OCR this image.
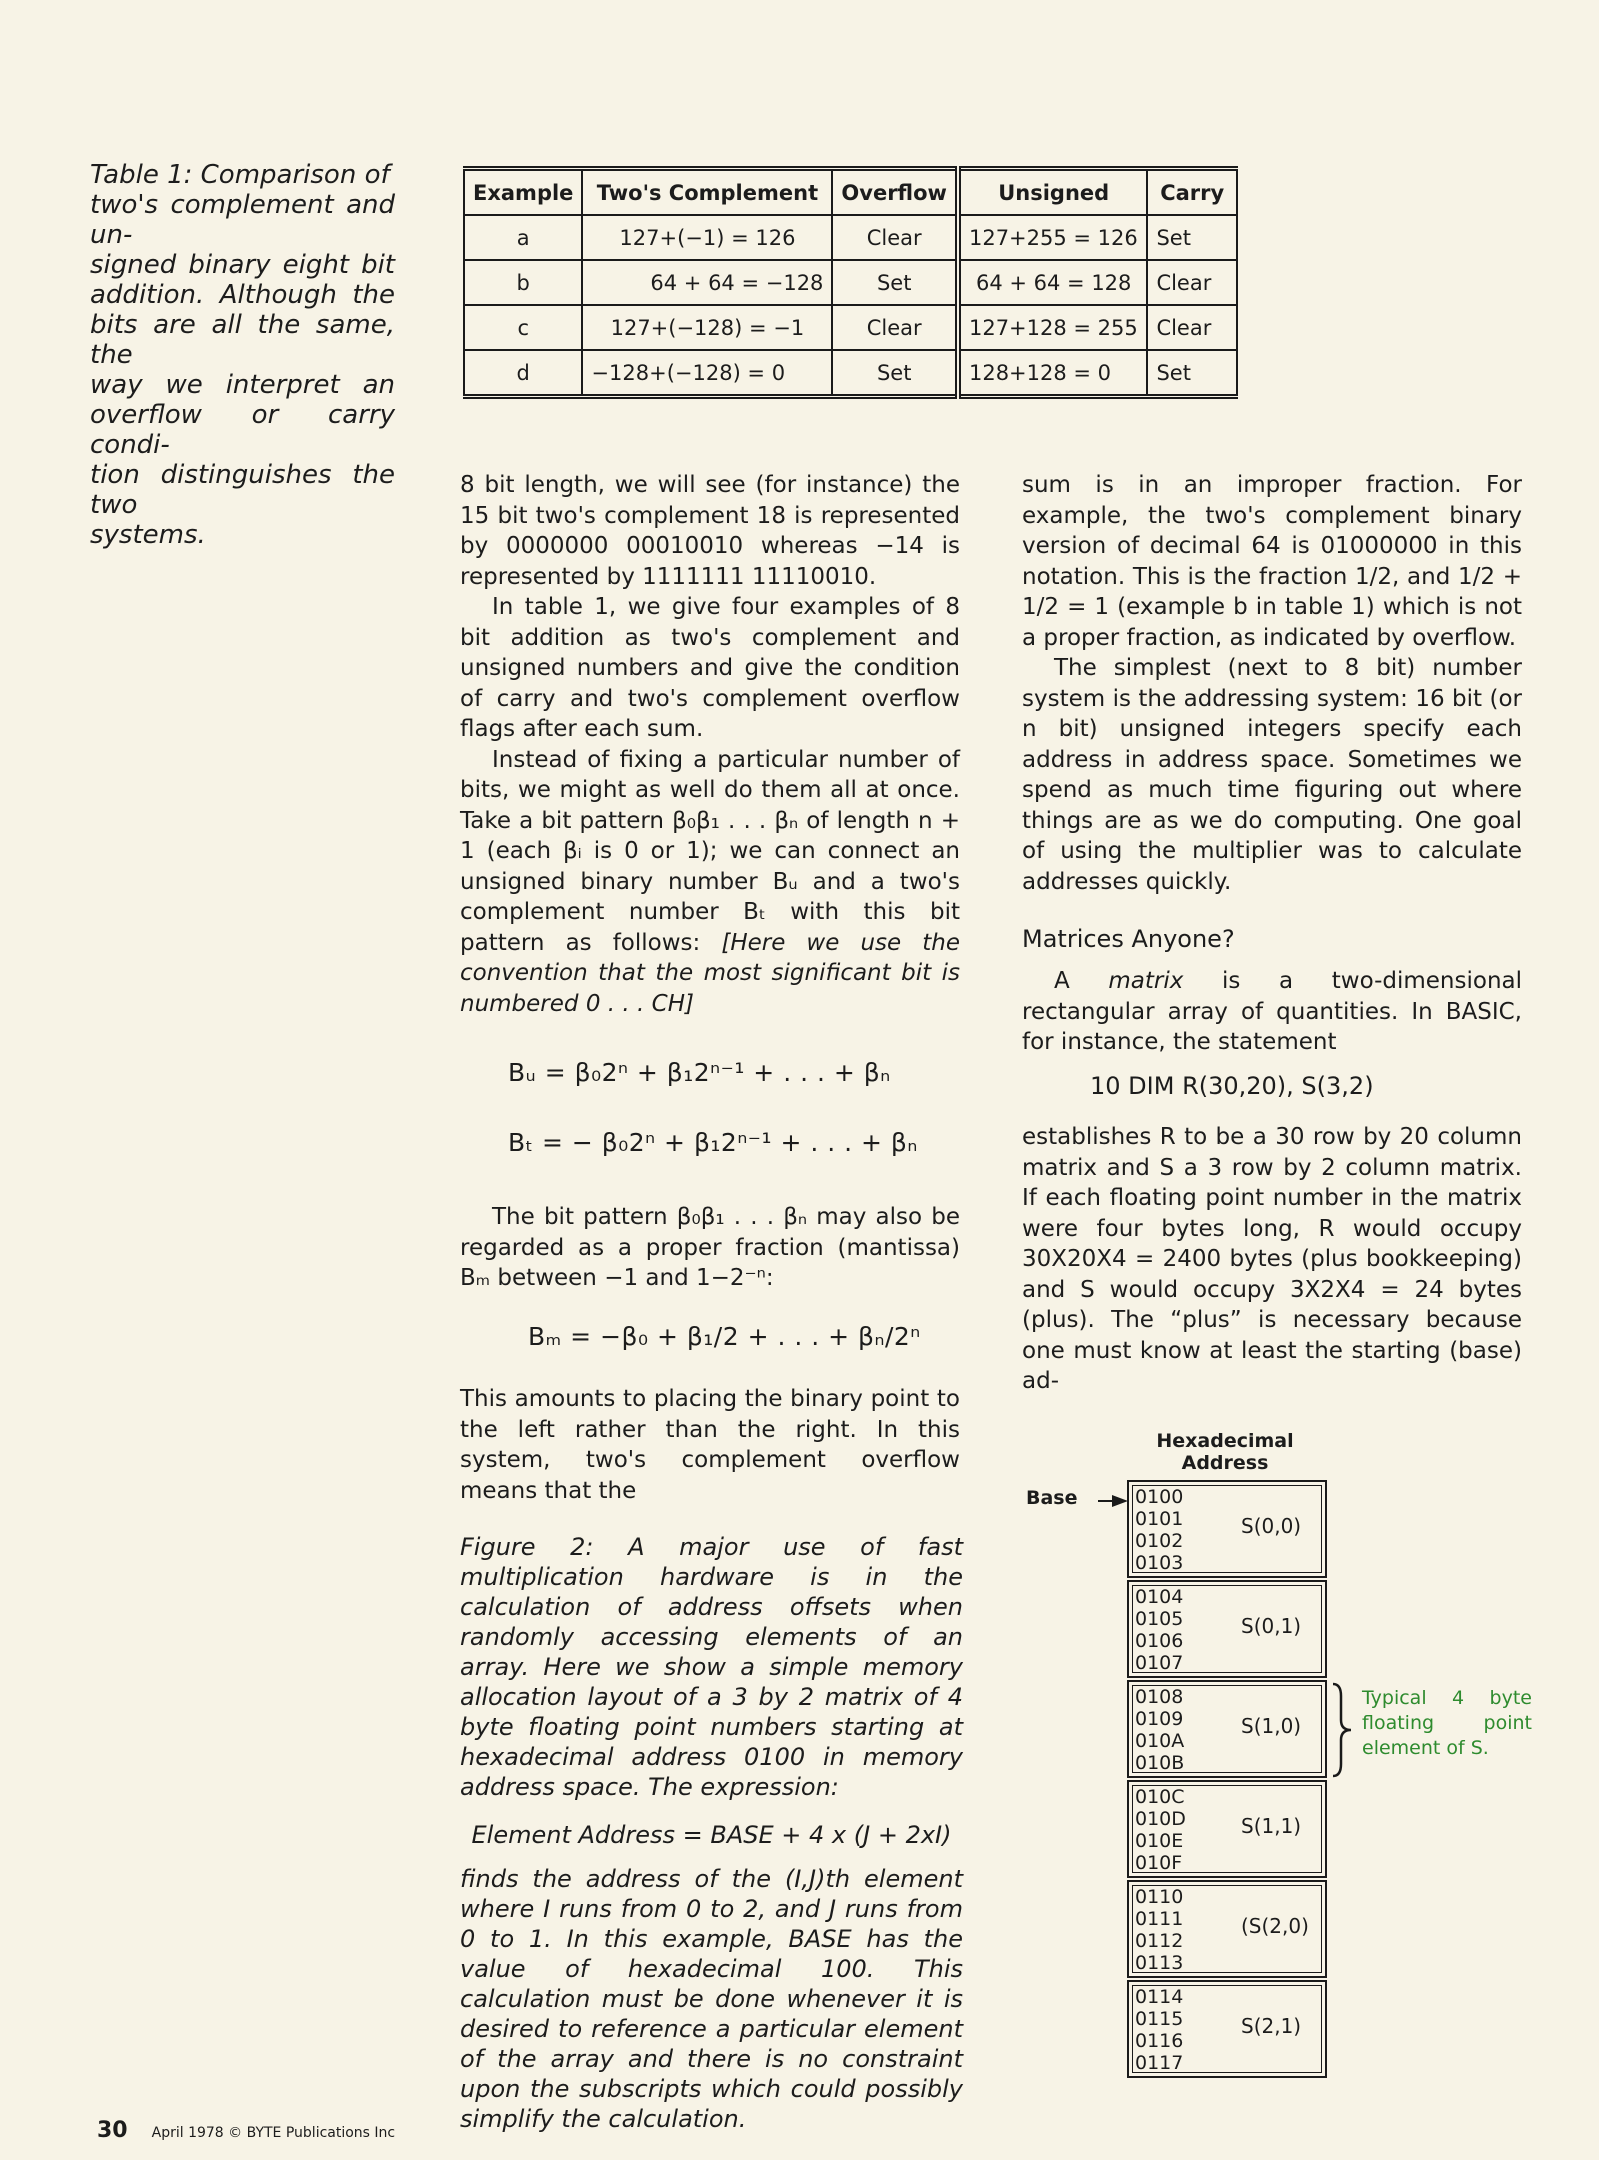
Table 1: Comparison of
two's complement and un-
signed binary eight bit
addition. Although the
bits are all the same, the
way we interpret an
overflow or carry condi-
tion distinguishes the two
systems.
Example	Two's Complement	Overflow	Unsigned	Carry
a	127+(−1) = 126	Clear	127+255 = 126	Set
b	64 + 64 = −128	Set	64 + 64 = 128	Clear
c	127+(−128) = −1	Clear	127+128 = 255	Clear
d	−128+(−128) = 0	Set	128+128 = 0	Set

8 bit length, we will see (for instance) the 15 bit two's complement 18 is represented by 0000000 00010010 whereas −14 is represented by 1111111 11110010.

In table 1, we give four examples of 8 bit addition as two's complement and unsigned numbers and give the condition of carry and two's complement overflow flags after each sum.

Instead of fixing a particular number of bits, we might as well do them all at once. Take a bit pattern β₀β₁ . . . βₙ of length n + 1 (each βᵢ is 0 or 1); we can connect an unsigned binary number Bᵤ and a two's complement number Bₜ with this bit pattern as follows: [Here we use the convention that the most significant bit is numbered 0 . . . CH]

Bᵤ = β₀2ⁿ + β₁2ⁿ⁻¹ + . . . + βₙ
Bₜ = − β₀2ⁿ + β₁2ⁿ⁻¹ + . . . + βₙ

The bit pattern β₀β₁ . . . βₙ may also be regarded as a proper fraction (mantissa) Bₘ between −1 and 1−2⁻ⁿ:

Bₘ = −β₀ + β₁/2 + . . . + βₙ/2ⁿ

This amounts to placing the binary point to the left rather than the right. In this system, two's complement overflow means that the

Figure 2: A major use of fast multiplication hardware is in the calculation of address offsets when randomly accessing elements of an array. Here we show a simple memory allocation layout of a 3 by 2 matrix of 4 byte floating point numbers starting at hexadecimal address 0100 in memory address space. The expression:

Element Address = BASE + 4 x (J + 2xI)

finds the address of the (I,J)th element where I runs from 0 to 2, and J runs from 0 to 1. In this example, BASE has the value of hexadecimal 100. This calculation must be done whenever it is desired to reference a particular element of the array and there is no constraint upon the subscripts which could possibly simplify the calculation.

sum is in an improper fraction. For example, the two's complement binary version of decimal 64 is 01000000 in this notation. This is the fraction 1/2, and 1/2 + 1/2 = 1 (example b in table 1) which is not a proper fraction, as indicated by overflow.

The simplest (next to 8 bit) number system is the addressing system: 16 bit (or n bit) unsigned integers specify each address in address space. Sometimes we spend as much time figuring out where things are as we do computing. One goal of using the multiplier was to calculate addresses quickly.

Matrices Anyone?

A matrix is a two-dimensional rectangular array of quantities. In BASIC, for instance, the statement

10 DIM R(30,20), S(3,2)

establishes R to be a 30 row by 20 column matrix and S a 3 row by 2 column matrix. If each floating point number in the matrix were four bytes long, R would occupy 30X20X4 = 2400 bytes (plus bookkeeping) and S would occupy 3X2X4 = 24 bytes (plus). The “plus” is necessary because one must know at least the starting (base) ad-

Hexadecimal Address
Base	0100
0101
0102
0103
S(0,0)
0104
0105
0106
0107
S(0,1)
0108
0109
010A
010B
S(1,0)
010C
010D
010E
010F
S(1,1)
0110
0111
0112
0113
(S(2,0)
0114
0115
0116
0117
S(2,1)
Typical 4 byte
floating point
element of S.
30 April 1978 © BYTE Publications Inc
